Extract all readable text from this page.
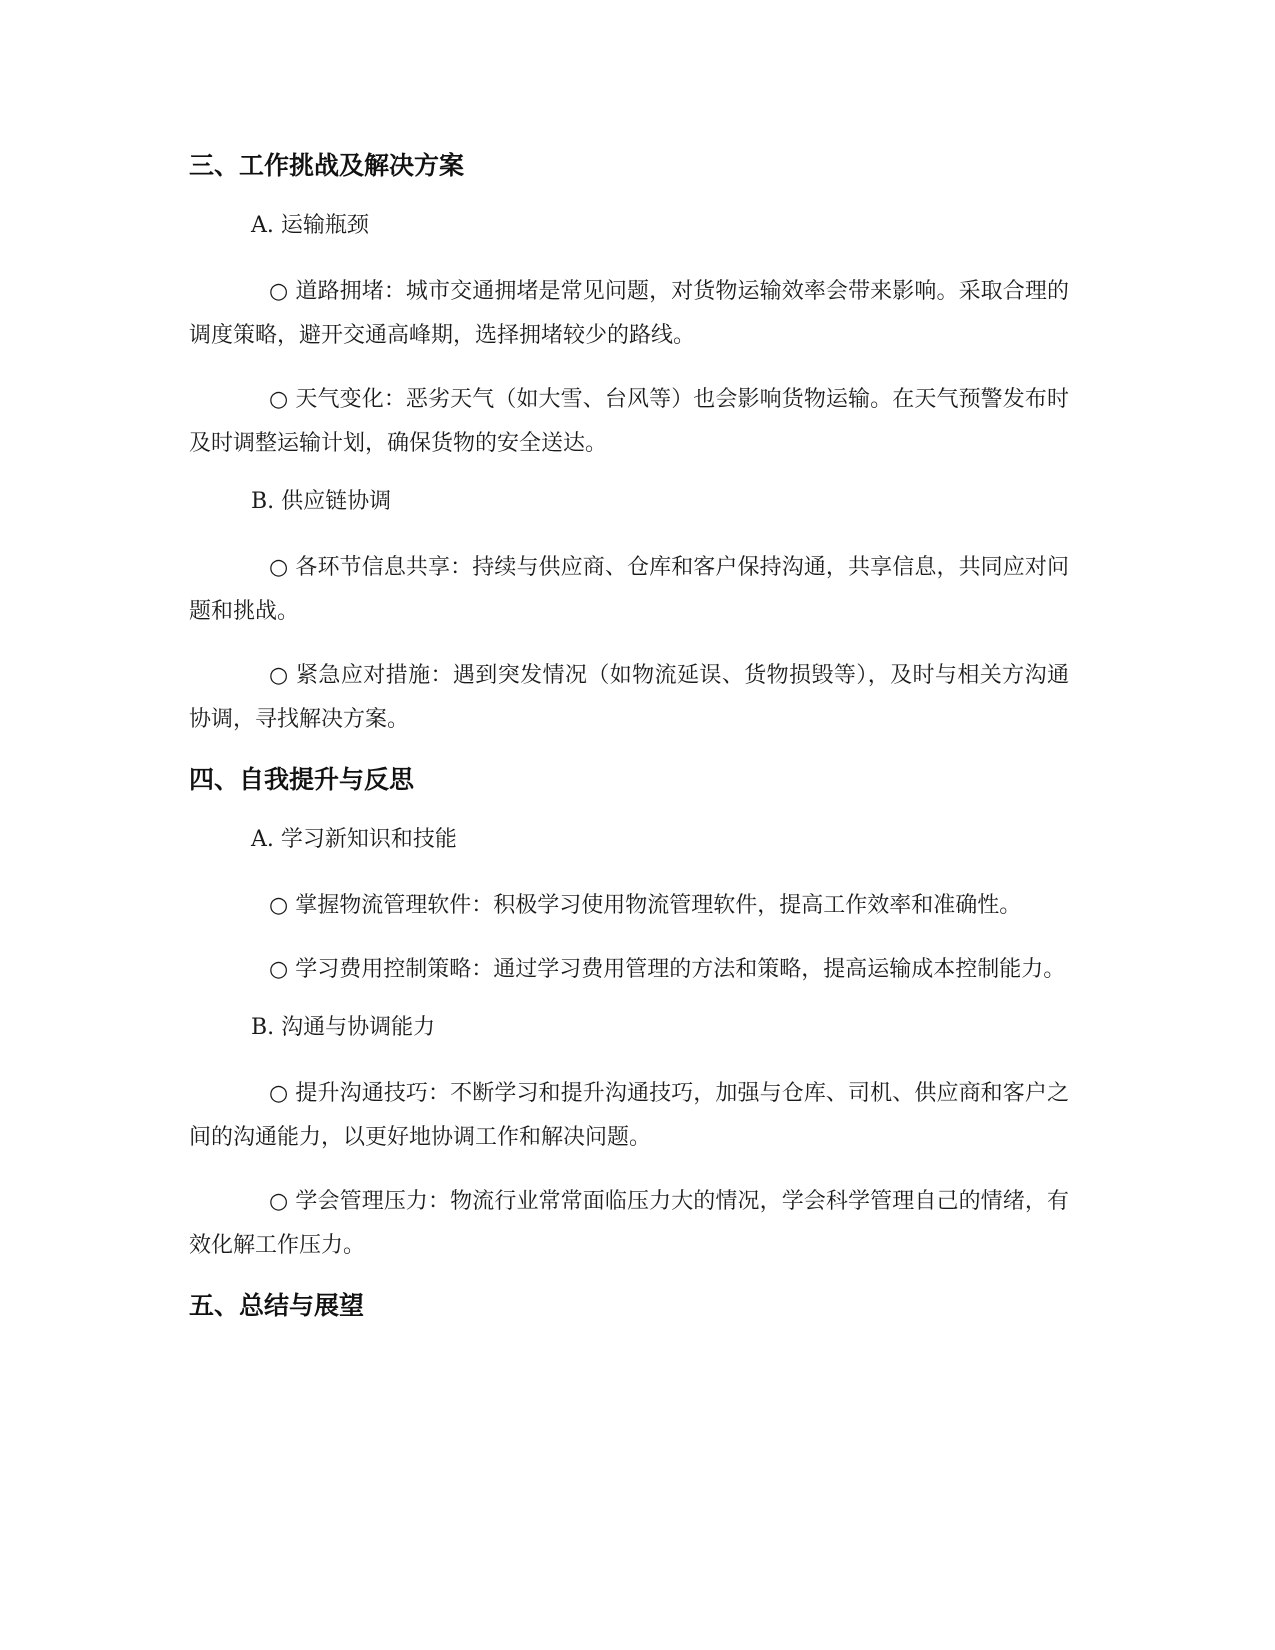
三、工作挑战及解决方案

A. 运输瓶颈

○ 道路拥堵：城市交通拥堵是常见问题，对货物运输效率会带来影响。采取合理的调度策略，避开交通高峰期，选择拥堵较少的路线。

○ 天气变化：恶劣天气（如大雪、台风等）也会影响货物运输。在天气预警发布时及时调整运输计划，确保货物的安全送达。

B. 供应链协调

○ 各环节信息共享：持续与供应商、仓库和客户保持沟通，共享信息，共同应对问题和挑战。

○ 紧急应对措施：遇到突发情况（如物流延误、货物损毁等），及时与相关方沟通协调，寻找解决方案。

四、自我提升与反思

A. 学习新知识和技能

○ 掌握物流管理软件：积极学习使用物流管理软件，提高工作效率和准确性。

○ 学习费用控制策略：通过学习费用管理的方法和策略，提高运输成本控制能力。

B. 沟通与协调能力

○ 提升沟通技巧：不断学习和提升沟通技巧，加强与仓库、司机、供应商和客户之间的沟通能力，以更好地协调工作和解决问题。

○ 学会管理压力：物流行业常常面临压力大的情况，学会科学管理自己的情绪，有效化解工作压力。

五、总结与展望
